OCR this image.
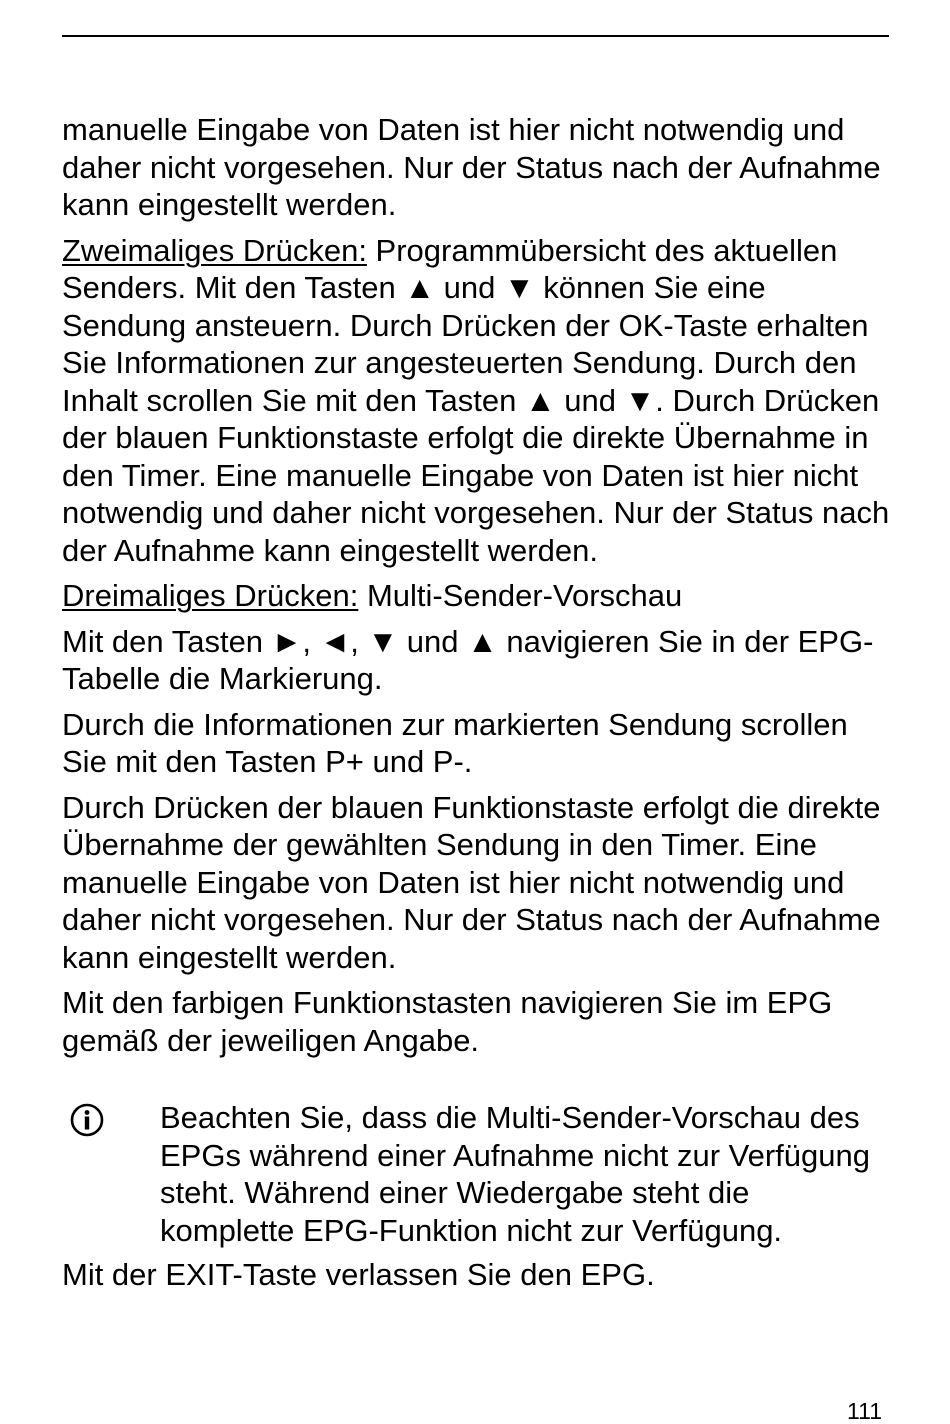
manuelle Eingabe von Daten ist hier nicht notwendig und daher nicht vorgesehen. Nur der Status nach der Aufnahme kann eingestellt werden.

Zweimaliges Drücken: Programmübersicht des aktuellen Senders. Mit den Tasten ▲ und ▼ können Sie eine Sendung ansteuern. Durch Drücken der OK-Taste erhalten Sie Informationen zur angesteuerten Sendung. Durch den Inhalt scrollen Sie mit den Tasten ▲ und ▼. Durch Drücken der blauen Funktionstaste erfolgt die direkte Übernahme in den Timer. Eine manuelle Eingabe von Daten ist hier nicht notwendig und daher nicht vorgesehen. Nur der Status nach der Aufnahme kann eingestellt werden.

Dreimaliges Drücken: Multi-Sender-Vorschau

Mit den Tasten ►, ◄, ▼ und ▲ navigieren Sie in der EPG-Tabelle die Markierung.

Durch die Informationen zur markierten Sendung scrollen Sie mit den Tasten P+ und P-.

Durch Drücken der blauen Funktionstaste erfolgt die direkte Übernahme der gewählten Sendung in den Timer. Eine manuelle Eingabe von Daten ist hier nicht notwendig und daher nicht vorgesehen. Nur der Status nach der Aufnahme kann eingestellt werden.

Mit den farbigen Funktionstasten navigieren Sie im EPG gemäß der jeweiligen Angabe.

Beachten Sie, dass die Multi-Sender-Vorschau des EPGs während einer Aufnahme nicht zur Verfügung steht. Während einer Wiedergabe steht die komplette EPG-Funktion nicht zur Verfügung.

Mit der EXIT-Taste verlassen Sie den EPG.

111
